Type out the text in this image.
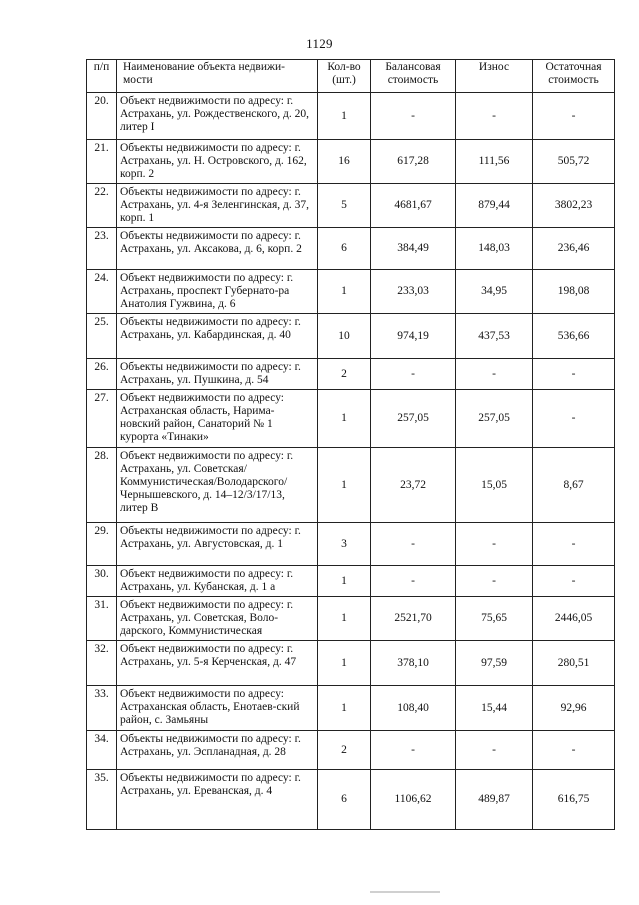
1129
п/п	Наименование объекта недвижи-мости	Кол-во (шт.)	Балансовая стоимость	Износ	Остаточная стоимость
20.	Объект недвижимости по адресу: г. Астрахань, ул. Рождественского, д. 20, литер I	1	-	-	-
21.	Объекты недвижимости по адресу: г. Астрахань, ул. Н. Островского, д. 162, корп. 2	16	617,28	111,56	505,72
22.	Объекты недвижимости по адресу: г. Астрахань, ул. 4-я Зеленгинская, д. 37, корп. 1	5	4681,67	879,44	3802,23
23.	Объекты недвижимости по адресу: г. Астрахань, ул. Аксакова, д. 6, корп. 2	6	384,49	148,03	236,46
24.	Объект недвижимости по адресу: г. Астрахань, проспект Губернато-ра Анатолия Гужвина, д. 6	1	233,03	34,95	198,08
25.	Объекты недвижимости по адресу: г. Астрахань, ул. Кабардинская, д. 40	10	974,19	437,53	536,66
26.	Объекты недвижимости по адресу: г. Астрахань, ул. Пушкина, д. 54	2	-	-	-
27.	Объект недвижимости по адресу: Астраханская область, Нарима-новский район, Санаторий № 1 курорта «Тинаки»	1	257,05	257,05	-
28.	Объект недвижимости по адресу: г. Астрахань, ул. Советская/ Коммунистическая/Володарского/ Чернышевского, д. 14–12/3/17/13, литер В	1	23,72	15,05	8,67
29.	Объекты недвижимости по адресу: г. Астрахань, ул. Августовская, д. 1	3	-	-	-
30.	Объект недвижимости по адресу: г. Астрахань, ул. Кубанская, д. 1 а	1	-	-	-
31.	Объект недвижимости по адресу: г. Астрахань, ул. Советская, Воло-дарского, Коммунистическая	1	2521,70	75,65	2446,05
32.	Объект недвижимости по адресу: г. Астрахань, ул. 5-я Керченская, д. 47	1	378,10	97,59	280,51
33.	Объект недвижимости по адресу: Астраханская область, Енотаев-ский район, с. Замьяны	1	108,40	15,44	92,96
34.	Объекты недвижимости по адресу: г. Астрахань, ул. Эспланадная, д. 28	2	-	-	-
35.	Объекты недвижимости по адресу: г. Астрахань, ул. Ереванская, д. 4	6	1106,62	489,87	616,75
